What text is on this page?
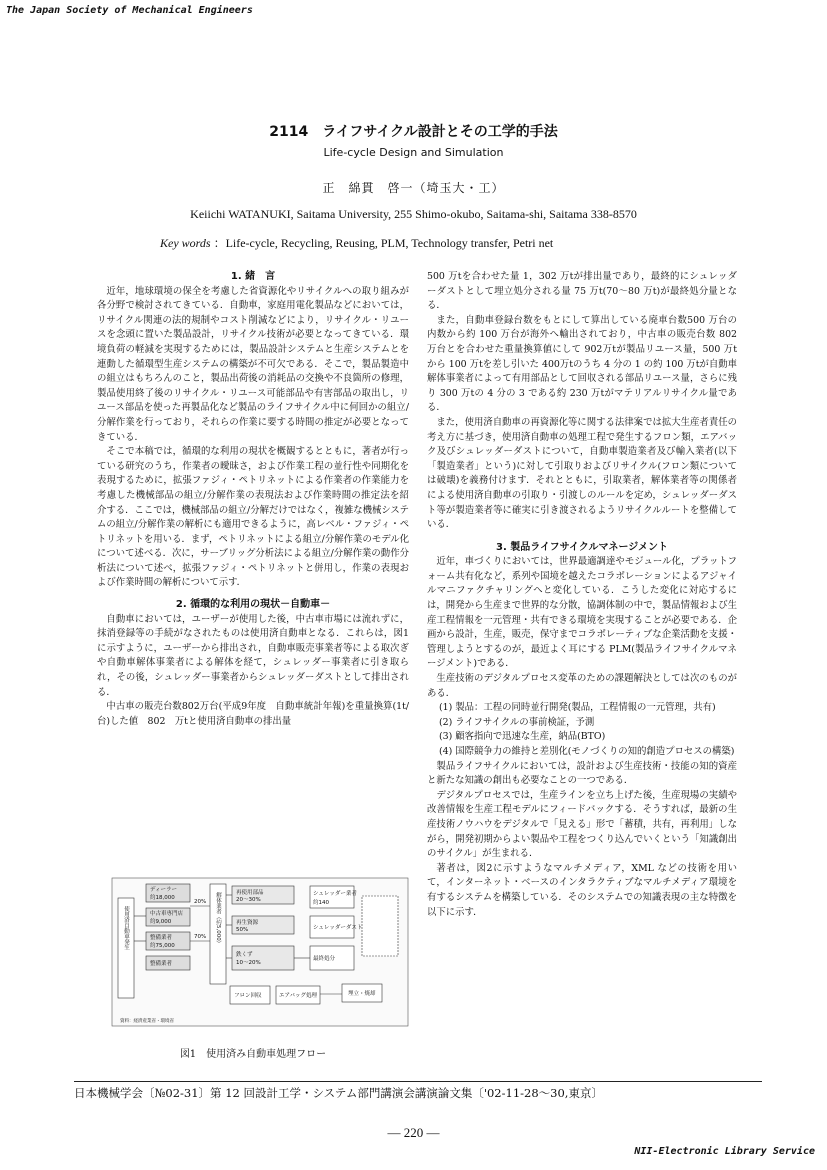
The Japan Society of Mechanical Engineers
2114　ライフサイクル設計とその工学的手法
Life-cycle Design and Simulation
正　綿貫　啓一（埼玉大・工）
Keiichi WATANUKI, Saitama University, 255 Shimo-okubo, Saitama-shi, Saitama 338-8570
Key words ：Life-cycle, Recycling, Reusing, PLM, Technology transfer, Petri net

1. 緒　言

近年，地球環境の保全を考慮した省資源化やリサイクルへの取り組みが各分野で検討されてきている．自動車，家庭用電化製品などにおいては，リサイクル関連の法的規制やコスト削減などにより，リサイクル・リユースを念頭に置いた製品設計，リサイクル技術が必要となってきている．環境負荷の軽減を実現するためには，製品設計システムと生産システムとを連動した循環型生産システムの構築が不可欠である．そこで，製品製造中の組立はもちろんのこと，製品出荷後の消耗品の交換や不良箇所の修理，製品使用終了後のリサイクル・リユース可能部品や有害部品の取出し，リユース部品を使った再製品化など製品のライフサイクル中に何回かの組立/分解作業を行っており，それらの作業に要する時間の推定が必要となってきている．

そこで本稿では，循環的な利用の現状を概観するとともに，著者が行っている研究のうち，作業者の曖昧さ，および作業工程の並行性や同期化を表現するために，拡張ファジィ・ペトリネットによる作業者の作業能力を考慮した機械部品の組立/分解作業の表現法および作業時間の推定法を紹介する．ここでは，機械部品の組立/分解だけではなく，複雑な機械システムの組立/分解作業の解析にも適用できるように，高レベル・ファジィ・ペトリネットを用いる．まず，ペトリネットによる組立/分解作業のモデル化について述べる．次に，サーブリッグ分析法による組立/分解作業の動作分析法について述べ，拡張ファジィ・ペトリネットと併用し，作業の表現および作業時間の解析について示す．

2. 循環的な利用の現状－自動車－

自動車においては，ユーザーが使用した後，中古車市場には流れずに，抹消登録等の手続がなされたものは使用済自動車となる．これらは，図1に示すように，ユーザーから排出され，自動車販売事業者等による取次ぎや自動車解体事業者による解体を経て，シュレッダー事業者に引き取られ，その後，シュレッダー事業者からシュレッダーダストとして排出される．

中古車の販売台数802万台(平成9年度　自動車統計年報)を重量換算(1t/台)した値　802　万tと使用済自動車の排出量

使用済自動車発生
ディーラー
約18,000
中古車専門店
約9,000
整備業者
約75,000
整備業者
20%
70% 解体業者（約5,000）	再使用部品
20～30%
再生資源
50%
鉄くず
10～20%
シュレッダー業者
約140
シュレッダーダスト
最終処分
フロン回収	エアバッグ処理	埋立・焼却
資料：経済産業省・環境省
図1　使用済み自動車処理フロー

500 万tを合わせた量 1，302 万tが排出量であり，最終的にシュレッダーダストとして埋立処分される量 75 万t(70～80 万t)が最終処分量となる．

また，自動車登録台数をもとにして算出している廃車台数500 万台の内数から約 100 万台が海外へ輸出されており，中古車の販売台数 802 万台とを合わせた重量換算値にして 902万tが製品リユース量，500 万tから 100 万tを差し引いた 400万tのうち 4 分の 1 の約 100 万tが自動車解体事業者によって有用部品として回収される部品リユース量，さらに残り 300 万tの 4 分の 3 である約 230 万tがマテリアルリサイクル量である．

また，使用済自動車の再資源化等に関する法律案では拡大生産者責任の考え方に基づき，使用済自動車の処理工程で発生するフロン類，エアバック及びシュレッダーダストについて，自動車製造業者及び輸入業者(以下「製造業者」という)に対して引取りおよびリサイクル(フロン類については破壊)を義務付けます．それとともに，引取業者，解体業者等の関係者による使用済自動車の引取り・引渡しのルールを定め，シュレッダーダスト等が製造業者等に確実に引き渡されるようリサイクルルートを整備している．

3. 製品ライフサイクルマネージメント

近年，車づくりにおいては，世界最適調達やモジュール化，プラットフォーム共有化など，系列や国境を越えたコラボレーションによるアジャイルマニファクチャリングへと変化している．こうした変化に対応するには，開発から生産まで世界的な分散，協調体制の中で，製品情報および生産工程情報を一元管理・共有できる環境を実現することが必要である．企画から設計，生産，販売，保守までコラボレーティブな企業活動を支援・管理しようとするのが，最近よく耳にする PLM(製品ライフサイクルマネージメント)である．

生産技術のデジタルプロセス変革のための課題解決としては次のものがある．

(1) 製品：工程の同時並行開発(製品，工程情報の一元管理，共有)
(2) ライフサイクルの事前検証，予測
(3) 顧客指向で迅速な生産，納品(BTO)
(4) 国際競争力の維持と差別化(モノづくりの知的創造プロセスの構築)

製品ライフサイクルにおいては，設計および生産技術・技能の知的資産と新たな知識の創出も必要なことの一つである．

デジタルプロセスでは，生産ラインを立ち上げた後，生産現場の実績や改善情報を生産工程モデルにフィードバックする．そうすれば，最新の生産技術ノウハウをデジタルで「見える」形で「蓄積，共有，再利用」しながら，開発初期からよい製品や工程をつくり込んでいくという「知識創出のサイクル」が生まれる．

著者は，図2に示すようなマルチメディア，XML などの技術を用いて，インターネット・ベースのインタラクティブなマルチメディア環境を有するシステムを構築している．そのシステムでの知識表現の主な特徴を以下に示す．

日本機械学会〔№02-31〕第 12 回設計工学・システム部門講演会講演論文集〔'02-11-28～30,東京〕
― 220 ―
NII-Electronic Library Service
